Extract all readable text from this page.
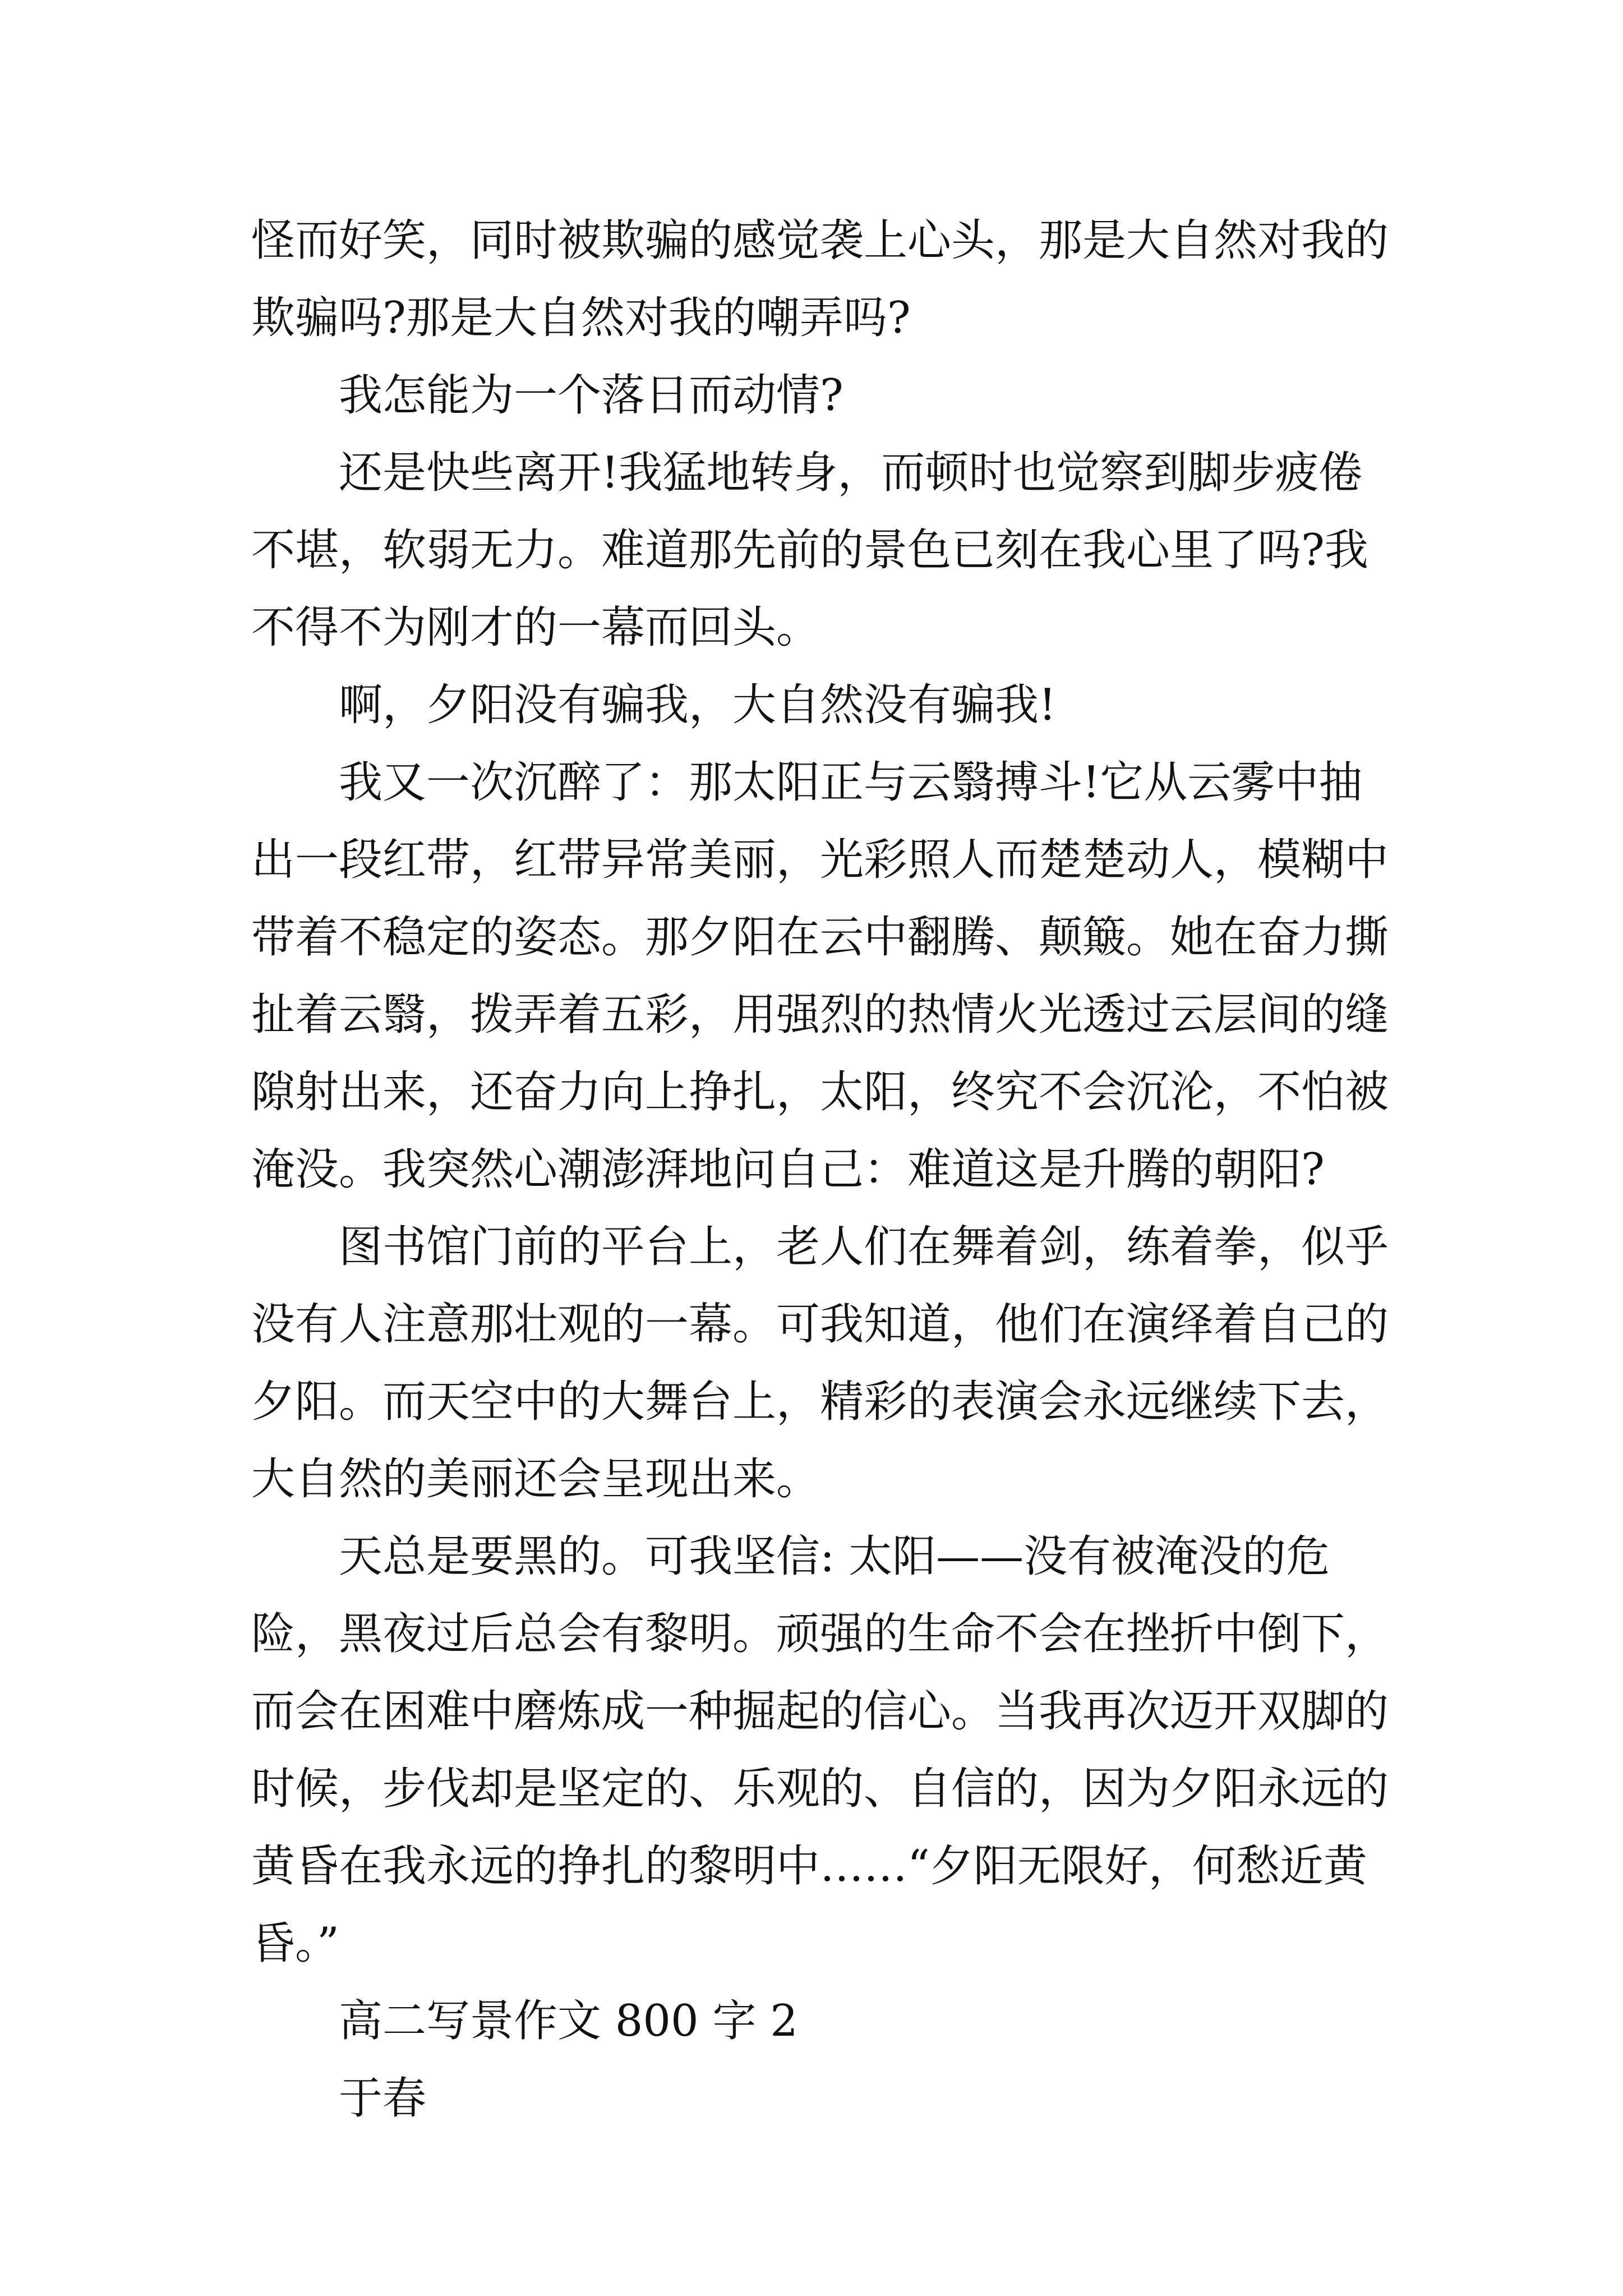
怪而好笑，同时被欺骗的感觉袭上心头，那是大自然对我的欺骗吗?那是大自然对我的嘲弄吗?

我怎能为一个落日而动情?

还是快些离开!我猛地转身，而顿时也觉察到脚步疲倦不堪，软弱无力。难道那先前的景色已刻在我心里了吗?我不得不为刚才的一幕而回头。

啊，夕阳没有骗我，大自然没有骗我!

我又一次沉醉了：那太阳正与云翳搏斗!它从云雾中抽出一段红带，红带异常美丽，光彩照人而楚楚动人，模糊中带着不稳定的姿态。那夕阳在云中翻腾、颠簸。她在奋力撕扯着云翳，拨弄着五彩，用强烈的热情火光透过云层间的缝隙射出来，还奋力向上挣扎，太阳，终究不会沉沦，不怕被淹没。我突然心潮澎湃地问自己：难道这是升腾的朝阳?

图书馆门前的平台上，老人们在舞着剑，练着拳，似乎没有人注意那壮观的一幕。可我知道，他们在演绎着自己的夕阳。而天空中的大舞台上，精彩的表演会永远继续下去，大自然的美丽还会呈现出来。

天总是要黑的。可我坚信: 太阳——没有被淹没的危险，黑夜过后总会有黎明。顽强的生命不会在挫折中倒下，而会在困难中磨炼成一种掘起的信心。当我再次迈开双脚的时候，步伐却是坚定的、乐观的、自信的，因为夕阳永远的黄昏在我永远的挣扎的黎明中……“夕阳无限好，何愁近黄昏。”

高二写景作文 800 字 2

于春
